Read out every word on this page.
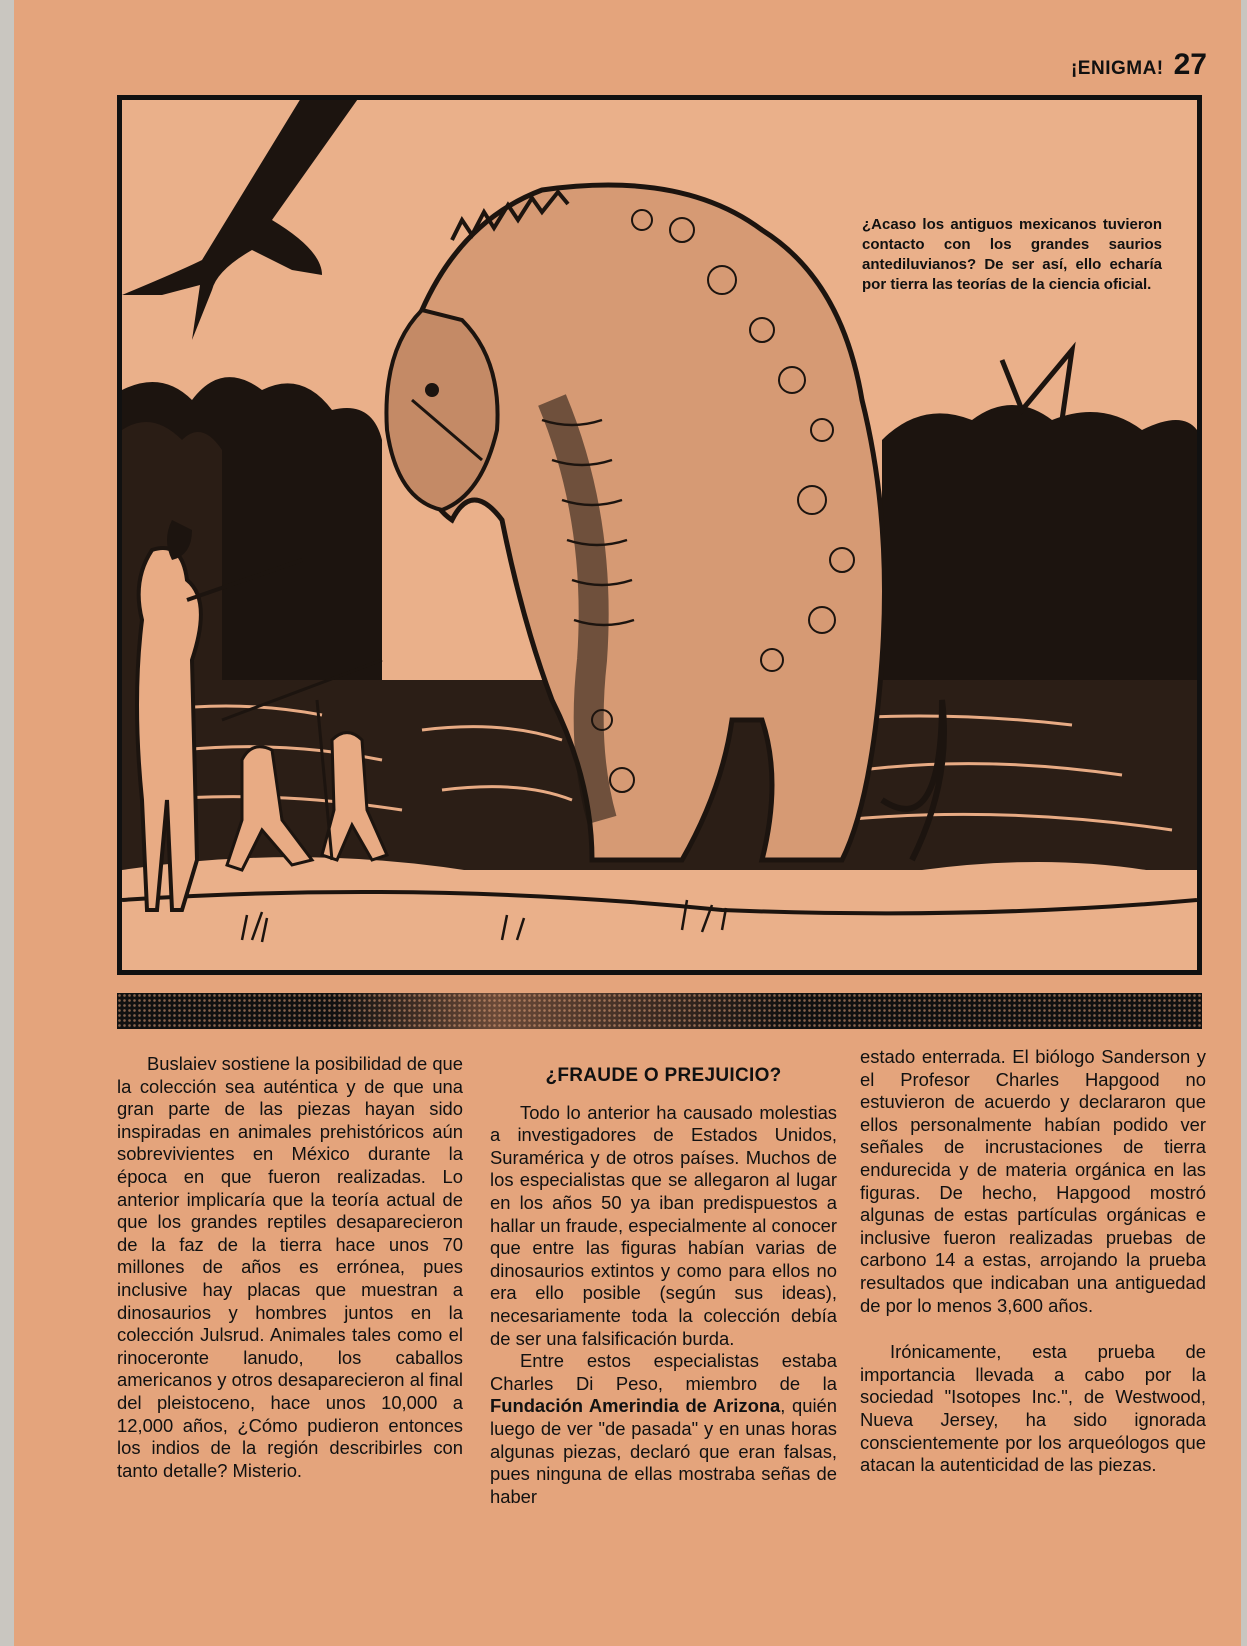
¡ENIGMA! 27
¿Acaso los antiguos mexicanos tuvieron contacto con los grandes saurios antediluvianos? De ser así, ello echaría por tierra las teorías de la ciencia oficial.

Buslaiev sostiene la posibilidad de que la colección sea auténtica y de que una gran parte de las piezas hayan sido inspiradas en animales prehistóricos aún sobrevivientes en México durante la época en que fueron realizadas. Lo anterior implicaría que la teoría actual de que los grandes reptiles desaparecieron de la faz de la tierra hace unos 70 millones de años es errónea, pues inclusive hay placas que muestran a dinosaurios y hombres juntos en la colección Julsrud. Animales tales como el rinoceronte lanudo, los caballos americanos y otros desaparecieron al final del pleistoceno, hace unos 10,000 a 12,000 años, ¿Cómo pudieron entonces los indios de la región describirles con tanto detalle? Misterio.

¿FRAUDE O PREJUICIO?

Todo lo anterior ha causado molestias a investigadores de Estados Unidos, Suramérica y de otros países. Muchos de los especialistas que se allegaron al lugar en los años 50 ya iban predispuestos a hallar un fraude, especialmente al conocer que entre las figuras habían varias de dinosaurios extintos y como para ellos no era ello posible (según sus ideas), necesariamente toda la colección debía de ser una falsificación burda.

Entre estos especialistas estaba Charles Di Peso, miembro de la Fundación Amerindia de Arizona, quién luego de ver "de pasada" y en unas horas algunas piezas, declaró que eran falsas, pues ninguna de ellas mostraba señas de haber

estado enterrada. El biólogo Sanderson y el Profesor Charles Hapgood no estuvieron de acuerdo y declararon que ellos personalmente habían podido ver señales de incrustaciones de tierra endurecida y de materia orgánica en las figuras. De hecho, Hapgood mostró algunas de estas partículas orgánicas e inclusive fueron realizadas pruebas de carbono 14 a estas, arrojando la prueba resultados que indicaban una antiguedad de por lo menos 3,600 años.

Irónicamente, esta prueba de importancia llevada a cabo por la sociedad "Isotopes Inc.", de Westwood, Nueva Jersey, ha sido ignorada conscientemente por los arqueólogos que atacan la autenticidad de las piezas.
